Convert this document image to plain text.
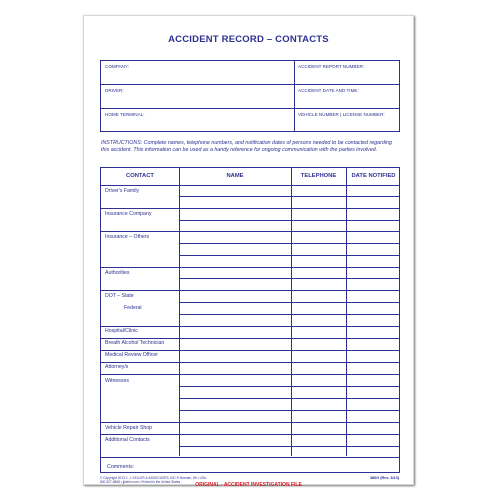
ACCIDENT RECORD – CONTACTS
COMPANY:	ACCIDENT REPORT NUMBER:
DRIVER:	ACCIDENT DATE AND TIME:
HOME TERMINAL:	VEHICLE NUMBER | LICENSE NUMBER:
INSTRUCTIONS: Complete names, telephone numbers, and notification dates of persons needed to be contacted regarding this accident. This information can be used as a handy reference for ongoing communication with the parties involved.
CONTACT	NAME	TELEPHONE	DATE NOTIFIED
Driver's Family
Insurance Company
Insurance – Others
Authorities
DOT – State
Federal
Hospital/Clinic
Breath Alcohol Technician
Medical Review Officer
Attorney/s
Witnesses
Vehicle Repair Shop
Additional Contacts
Comments:
© Copyright 2013 J. J. KELLER & ASSOCIATES, INC.® Neenah, WI • USA
800-327-6868 • jjkeller.com • Printed in the United States
386G (Rev. 3/13)
ORIGINAL - ACCIDENT INVESTIGATION FILE
